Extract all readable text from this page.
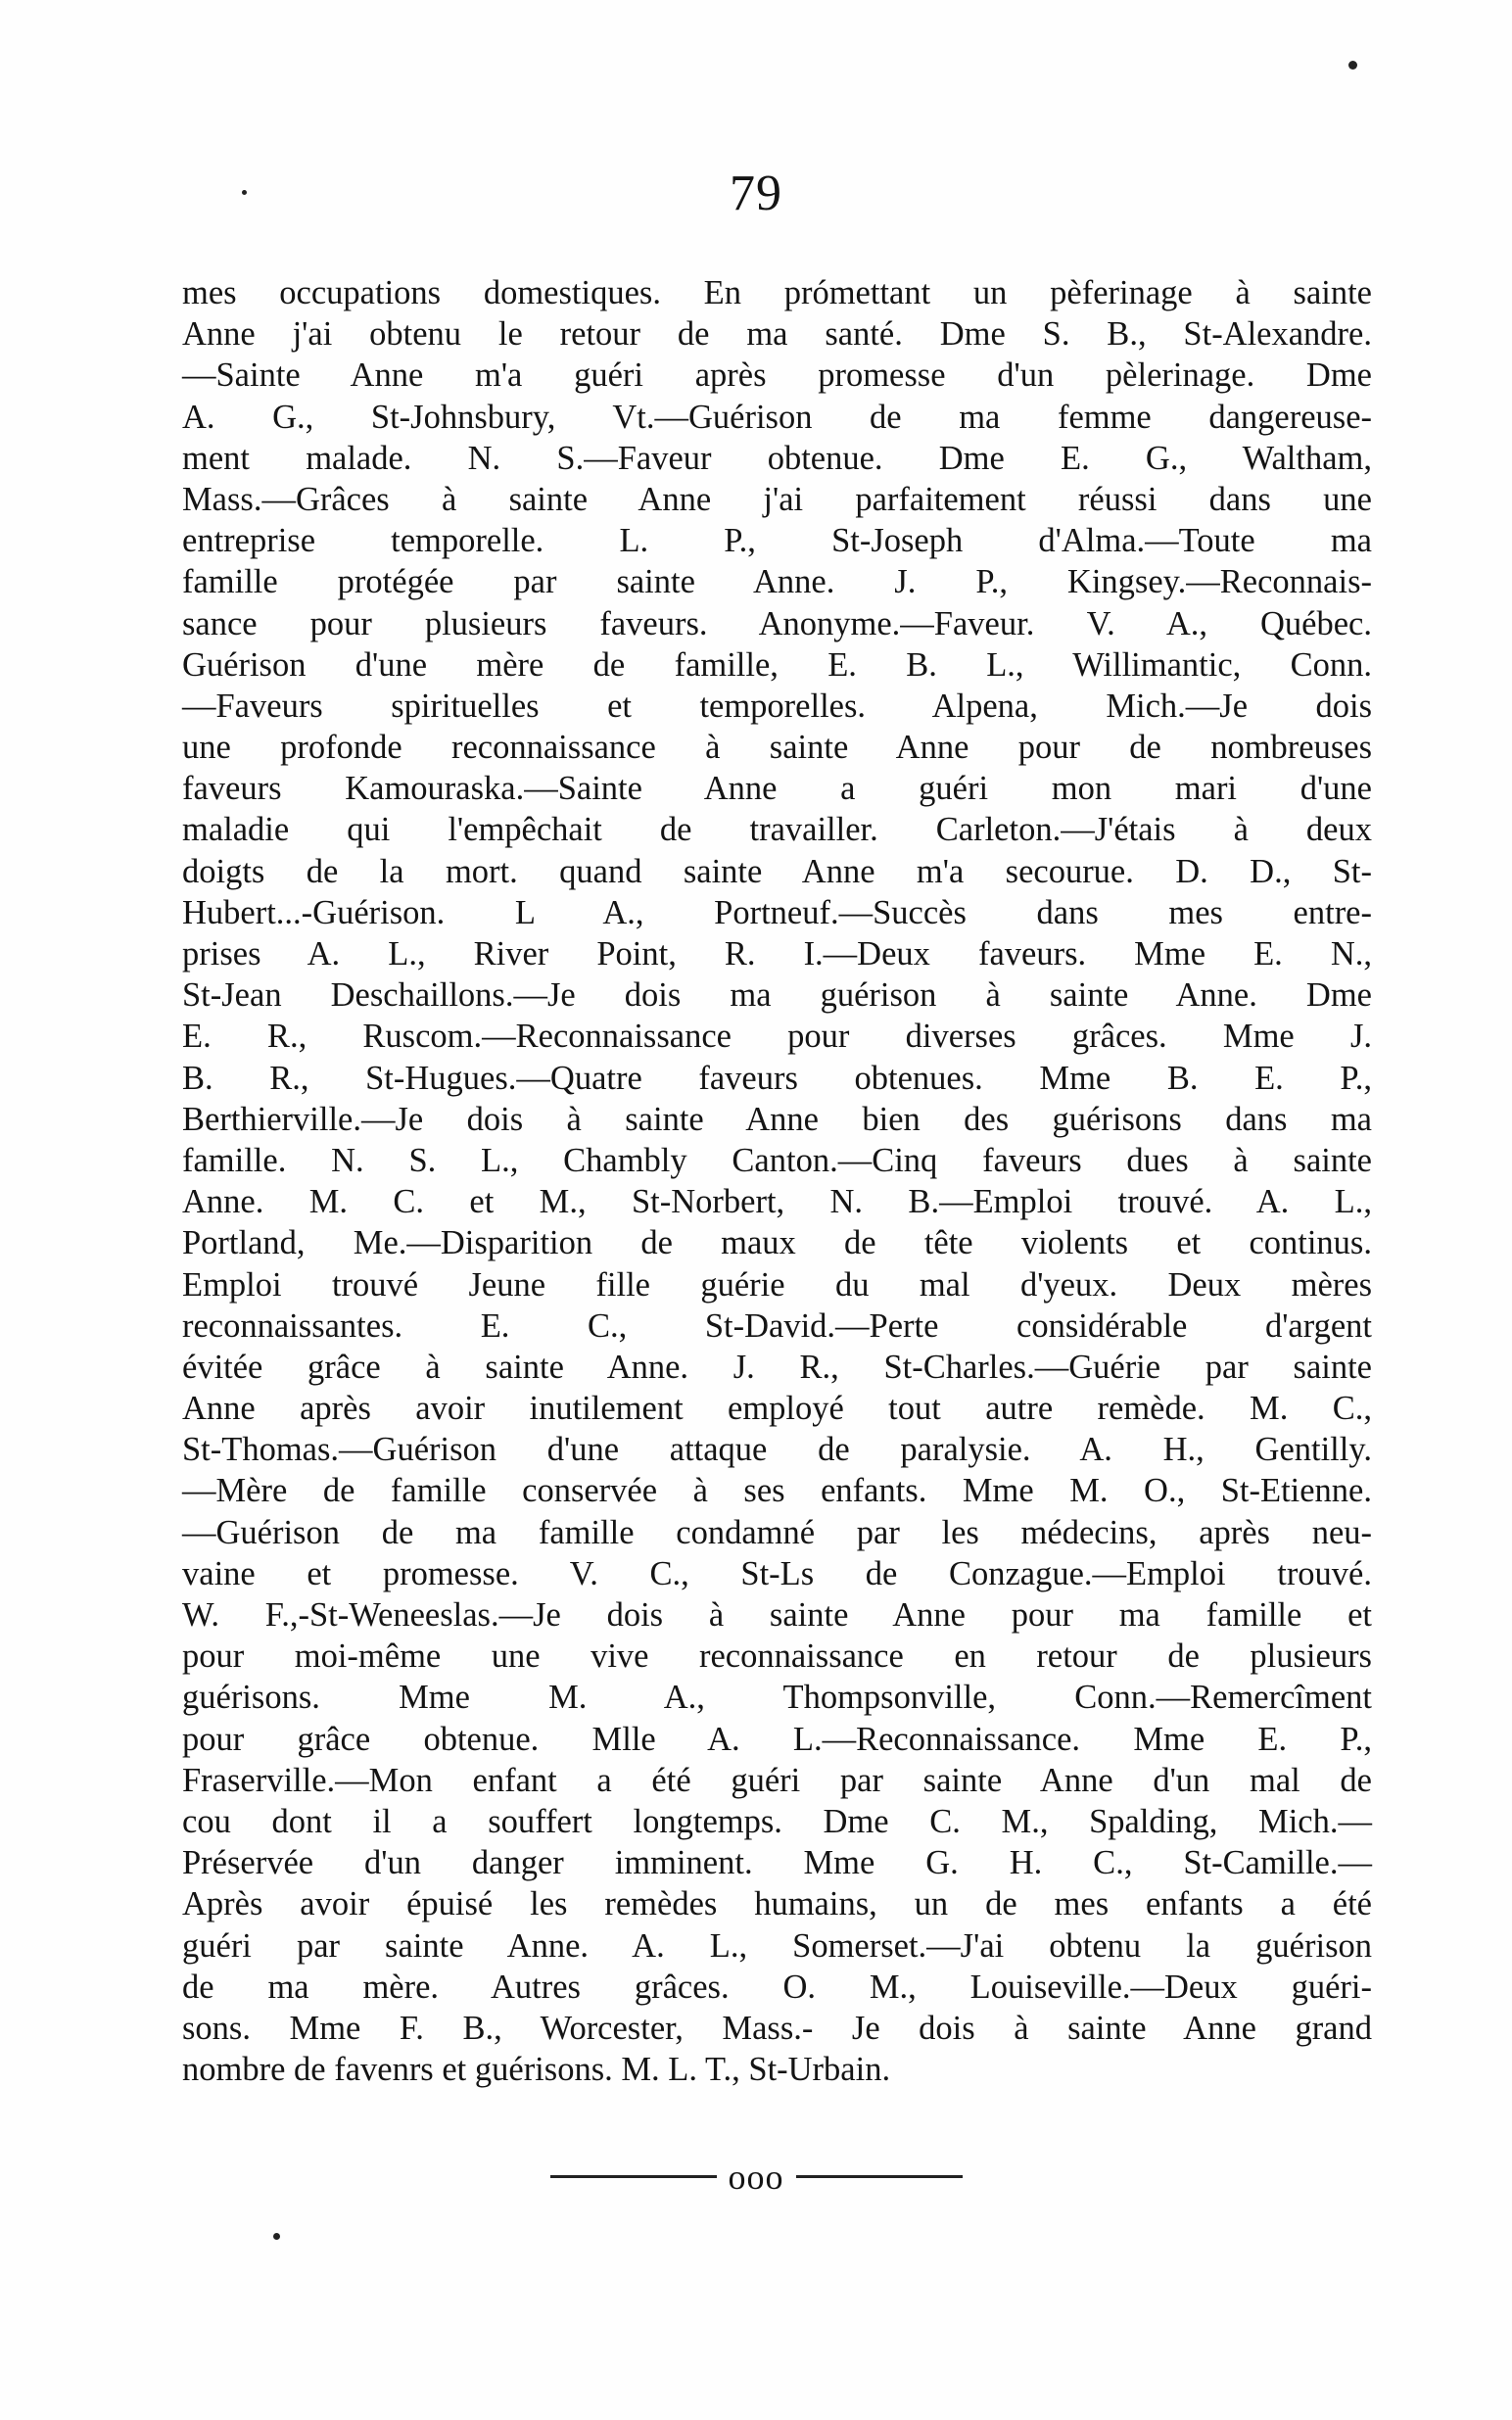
79
mes occupations domestiques. En prómettant un pèferinage à sainte
Anne j'ai obtenu le retour de ma santé. Dme S. B., St-Alexandre.
—Sainte Anne m'a guéri après promesse d'un pèlerinage. Dme
A. G., St-Johnsbury, Vt.—Guérison de ma femme dangereuse-
ment malade. N. S.—Faveur obtenue. Dme E. G., Waltham,
Mass.—Grâces à sainte Anne j'ai parfaitement réussi dans une
entreprise temporelle. L. P., St-Joseph d'Alma.—Toute ma
famille protégée par sainte Anne. J. P., Kingsey.—Reconnais-
sance pour plusieurs faveurs. Anonyme.—Faveur. V. A., Québec.
Guérison d'une mère de famille, E. B. L., Willimantic, Conn.
—Faveurs spirituelles et temporelles. Alpena, Mich.—Je dois
une profonde reconnaissance à sainte Anne pour de nombreuses
faveurs Kamouraska.—Sainte Anne a guéri mon mari d'une
maladie qui l'empêchait de travailler. Carleton.—J'étais à deux
doigts de la mort. quand sainte Anne m'a secourue. D. D., St-
Hubert...-Guérison. L A., Portneuf.—Succès dans mes entre-
prises A. L., River Point, R. I.—Deux faveurs. Mme E. N.,
St-Jean Deschaillons.—Je dois ma guérison à sainte Anne. Dme
E. R., Ruscom.—Reconnaissance pour diverses grâces. Mme J.
B. R., St-Hugues.—Quatre faveurs obtenues. Mme B. E. P.,
Berthierville.—Je dois à sainte Anne bien des guérisons dans ma
famille. N. S. L., Chambly Canton.—Cinq faveurs dues à sainte
Anne. M. C. et M., St-Norbert, N. B.—Emploi trouvé. A. L.,
Portland, Me.—Disparition de maux de tête violents et continus.
Emploi trouvé Jeune fille guérie du mal d'yeux. Deux mères
reconnaissantes. E. C., St-David.—Perte considérable d'argent
évitée grâce à sainte Anne. J. R., St-Charles.—Guérie par sainte
Anne après avoir inutilement employé tout autre remède. M. C.,
St-Thomas.—Guérison d'une attaque de paralysie. A. H., Gentilly.
—Mère de famille conservée à ses enfants. Mme M. O., St-Etienne.
—Guérison de ma famille condamné par les médecins, après neu-
vaine et promesse. V. C., St-Ls de Conzague.—Emploi trouvé.
W. F.,-St-Weneeslas.—Je dois à sainte Anne pour ma famille et
pour moi-même une vive reconnaissance en retour de plusieurs
guérisons. Mme M. A., Thompsonville, Conn.—Remercîment
pour grâce obtenue. Mlle A. L.—Reconnaissance. Mme E. P.,
Fraserville.—Mon enfant a été guéri par sainte Anne d'un mal de
cou dont il a souffert longtemps. Dme C. M., Spalding, Mich.—
Préservée d'un danger imminent. Mme G. H. C., St-Camille.—
Après avoir épuisé les remèdes humains, un de mes enfants a été
guéri par sainte Anne. A. L., Somerset.—J'ai obtenu la guérison
de ma mère. Autres grâces. O. M., Louiseville.—Deux guéri-
sons. Mme F. B., Worcester, Mass.- Je dois à sainte Anne grand
nombre de favenrs et guérisons. M. L. T., St-Urbain.
ooo
